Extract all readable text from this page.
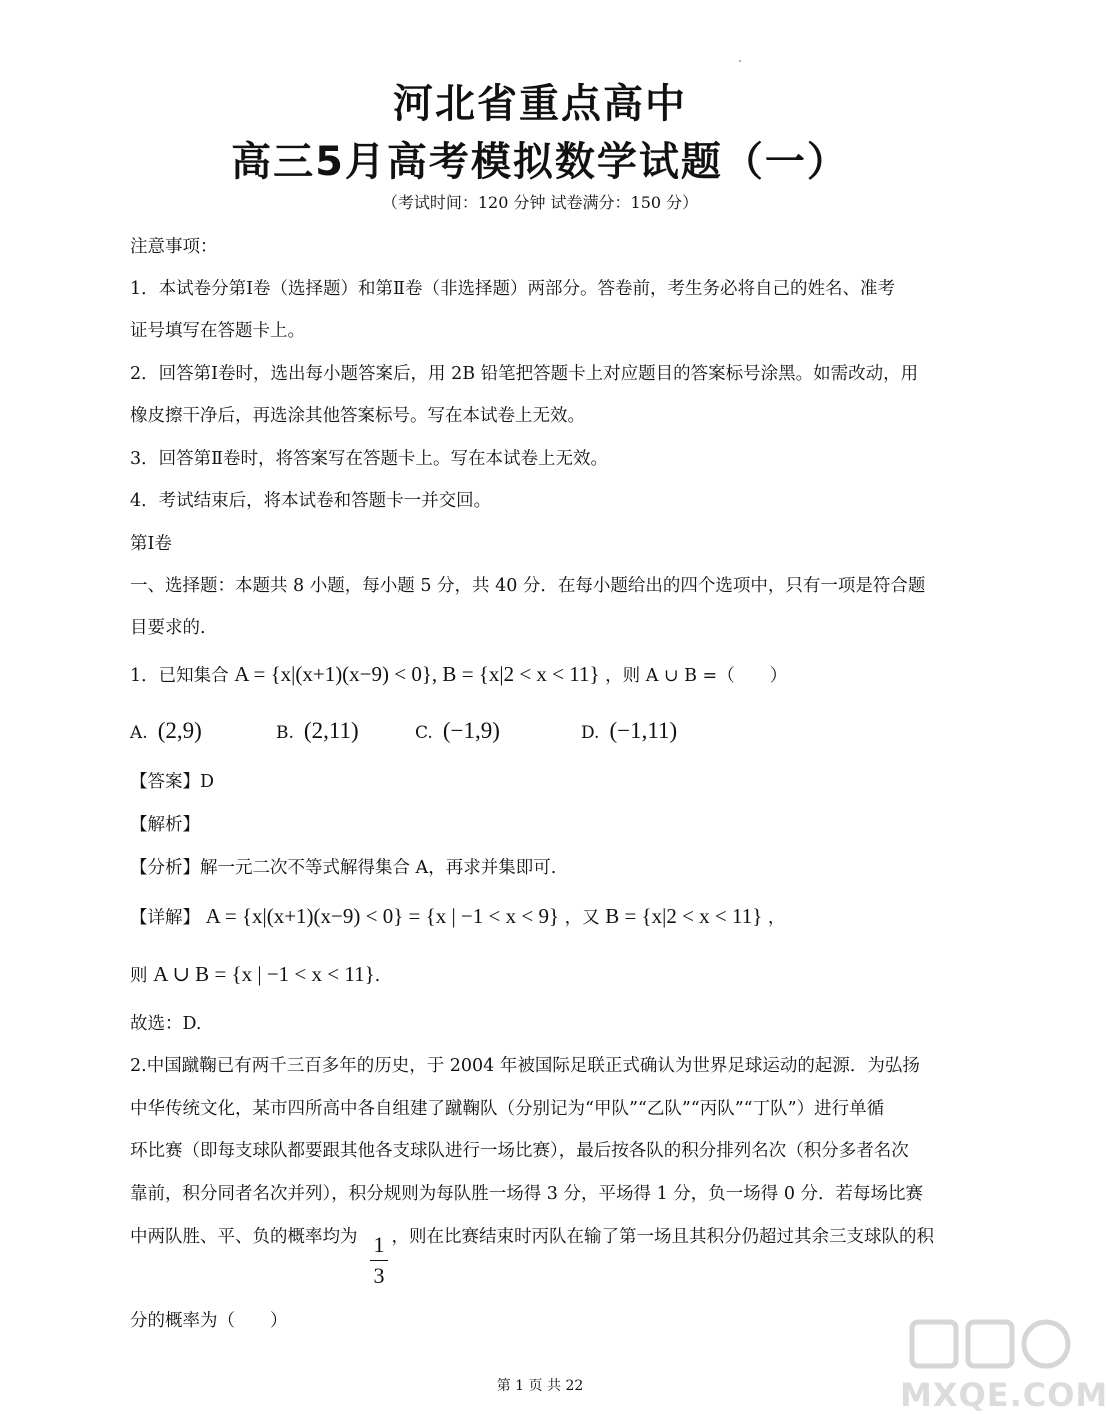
河北省重点高中
高三5月高考模拟数学试题（一）
（考试时间：120 分钟 试卷满分：150 分）
注意事项：
1．本试卷分第Ⅰ卷（选择题）和第Ⅱ卷（非选择题）两部分。答卷前，考生务必将自己的姓名、准考
证号填写在答题卡上。
2．回答第Ⅰ卷时，选出每小题答案后，用 2B 铅笔把答题卡上对应题目的答案标号涂黑。如需改动，用
橡皮擦干净后，再选涂其他答案标号。写在本试卷上无效。
3．回答第Ⅱ卷时，将答案写在答题卡上。写在本试卷上无效。
4．考试结束后，将本试卷和答题卡一并交回。
第Ⅰ卷
一、选择题：本题共 8 小题，每小题 5 分，共 40 分．在每小题给出的四个选项中，只有一项是符合题
目要求的.
1．已知集合 A = {x|(x+1)(x−9) < 0}, B = {x|2 < x < 11} ，则 A ∪ B =（　　）
A. (2,9)	B. (2,11)	C. (−1,9)	D. (−1,11)
【答案】D
【解析】
【分析】解一元二次不等式解得集合 A，再求并集即可.
【详解】 A = {x|(x+1)(x−9) < 0} = {x | −1 < x < 9} ，又 B = {x|2 < x < 11} ，
则 A ∪ B = {x | −1 < x < 11}.
故选：D.
2.中国蹴鞠已有两千三百多年的历史，于 2004 年被国际足联正式确认为世界足球运动的起源．为弘扬
中华传统文化，某市四所高中各自组建了蹴鞠队（分别记为“甲队”“乙队”“丙队”“丁队”）进行单循
环比赛（即每支球队都要跟其他各支球队进行一场比赛），最后按各队的积分排列名次（积分多者名次
靠前，积分同者名次并列），积分规则为每队胜一场得 3 分，平场得 1 分，负一场得 0 分．若每场比赛
中两队胜、平、负的概率均为 ，则在比赛结束时丙队在输了第一场且其积分仍超过其余三支球队的积
1
3
分的概率为（　　）
第 1 页 共 22	MXQE.COM
